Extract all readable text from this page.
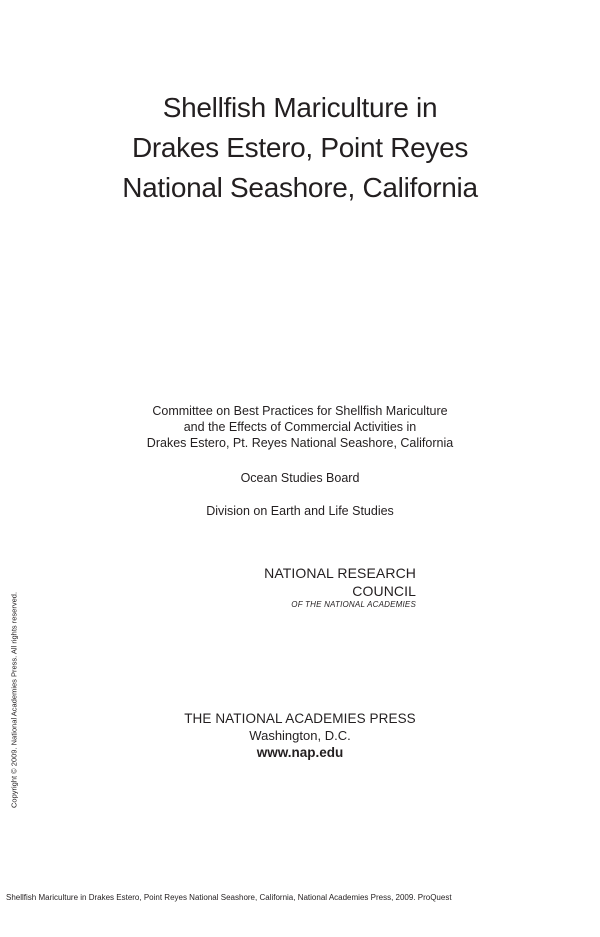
Shellfish Mariculture in
Drakes Estero, Point Reyes
National Seashore, California
Committee on Best Practices for Shellfish Mariculture
and the Effects of Commercial Activities in
Drakes Estero, Pt. Reyes National Seashore, California
Ocean Studies Board
Division on Earth and Life Studies
NATIONAL RESEARCH COUNCIL
OF THE NATIONAL ACADEMIES
THE NATIONAL ACADEMIES PRESS
Washington, D.C.
www.nap.edu
Copyright © 2009. National Academies Press. All rights reserved.
Shellfish Mariculture in Drakes Estero, Point Reyes National Seashore, California, National Academies Press, 2009. ProQuest
